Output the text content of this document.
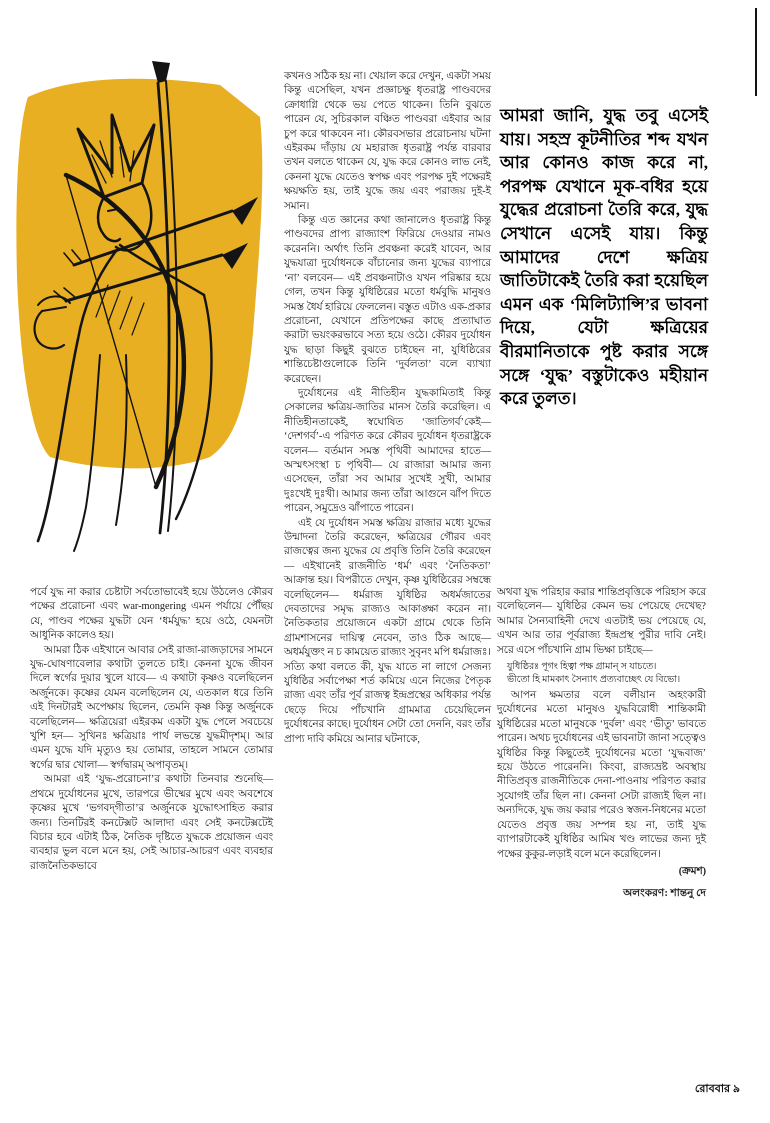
আমরা জানি, যুদ্ধ তবু এসেই যায়। সহস্র কূটনীতির শব্দ যখন আর কোনও কাজ করে না, পরপক্ষ যেখানে মূক-বধির হয়ে যুদ্ধের প্ররোচনা তৈরি করে, যুদ্ধ সেখানে এসেই যায়। কিন্তু আমাদের দেশে ক্ষত্রিয় জাতিটাকেই তৈরি করা হয়েছিল এমন এক ‘মিলিট্যান্সি’র ভাবনা দিয়ে, যেটা ক্ষত্রিয়ের বীরমানিতাকে পুষ্ট করার সঙ্গে সঙ্গে ‘যুদ্ধ’ বস্তুটাকেও মহীয়ান করে তুলত।

কখনও সঠিক হয় না। খেয়াল করে দেখুন, একটা সময় কিন্তু এসেছিল, যখন প্রজ্ঞাচক্ষু ধৃতরাষ্ট্র পাণ্ডবদের ক্রোধাগ্নি থেকে ভয় পেতে থাকেন। তিনি বুঝতে পারেন যে, সুচিরকাল বঞ্চিত পাণ্ডবরা এইবার আর চুপ করে থাকবেন না। কৌরবসভার প্ররোচনায় ঘটনা এইরকম দাঁড়ায় যে মহারাজ ধৃতরাষ্ট্র পর্যন্ত বারবার তখন বলতে থাকেন যে, যুদ্ধ করে কোনও লাভ নেই, কেননা যুদ্ধে যেতেও স্বপক্ষ এবং পরপক্ষ দুই পক্ষেরই ক্ষয়ক্ষতি হয়, তাই যুদ্ধে জয় এবং পরাজয় দুই-ই সমান।

কিন্তু এত জ্ঞানের কথা জানালেও ধৃতরাষ্ট্র কিন্তু পাণ্ডবদের প্রাপ্য রাজ্যাংশ ফিরিয়ে দেওয়ার নামও করেননি। অর্থাৎ তিনি প্রবঞ্চনা করেই যাবেন, আর যুদ্ধযাত্রা দুর্যোধনকে বাঁচানোর জন্য যুদ্ধের ব্যাপারে ‘না’ বলবেন— এই প্রবঞ্চনাটাও যখন পরিষ্কার হয়ে গেল, তখন কিন্তু যুধিষ্ঠিরের মতো ধর্মবুদ্ধি মানুষও সমস্ত ধৈর্য হারিয়ে ফেললেন। বস্তুত এটাও এক-প্রকার প্ররোচনা, যেখানে প্রতিপক্ষের কাছে প্রত্যাঘাত করাটা ভয়ংকরভাবে সত্য হয়ে ওঠে। কৌরব দুর্যোধন যুদ্ধ ছাড়া কিছুই বুঝতে চাইছেন না, যুধিষ্ঠিরের শান্তিচেষ্টাগুলোকে তিনি ‘দুর্বলতা’ বলে ব্যাখ্যা করেছেন।

দুর্যোধনের এই নীতিহীন যুদ্ধকামিতাই কিন্তু সেকালের ক্ষত্রিয়-জাতির মানস তৈরি করেছিল। এ নীতিহীনতাকেই, স্বঘোষিত ‘জাতিগর্ব’কেই— ‘দেশগর্ব’-এ পরিণত করে কৌরব দুর্যোধন ধৃতরাষ্ট্রকে বলেন— বর্তমান সমস্ত পৃথিবী আমাদের হাতে— অস্মৎসংস্থা চ পৃথিবী— যে রাজারা আমার জন্য এসেছেন, তাঁরা সব আমার সুখেই সুখী, আমার দুঃখেই দুঃখী। আমার জন্য তাঁরা আগুনে ঝাঁপ দিতে পারেন, সমুদ্রেও ঝাঁপাতে পারেন।

এই যে দুর্যোধন সমস্ত ক্ষত্রিয় রাজার মধ্যে যুদ্ধের উন্মাদনা তৈরি করেছেন, ক্ষত্রিয়ের গৌরব এবং রাজত্বের জন্য যুদ্ধের যে প্রবৃত্তি তিনি তৈরি করেছেন— এইখানেই রাজনীতি ‘ধর্ম’ এবং ‘নৈতিকতা’ আক্রান্ত হয়। বিপরীতে দেখুন, কৃষ্ণ যুধিষ্ঠিরের সম্বন্ধে বলেছিলেন— ধর্মরাজ যুধিষ্ঠির অধর্মজাতের দেবতাদের সমৃদ্ধ রাজ্যও আকাঙ্ক্ষা করেন না। নৈতিকতার প্রয়োজনে একটা গ্রামে থেকে তিনি গ্রামশাসনের দায়িত্ব নেবেন, তাও ঠিক আছে— অধর্মযুক্তং ন চ কাময়েত রাজ্যং সুবৃনং মপি ধর্মরাজঃ। সত্যি কথা বলতে কী, যুদ্ধ যাতে না লাগে সেজন্য যুধিষ্ঠির সর্বাপেক্ষা শর্ত কমিয়ে এনে নিজের পৈতৃক রাজ্য এবং তাঁর পূর্ব রাজত্ব ইন্দ্রপ্রস্থের অধিকার পর্যন্ত ছেড়ে দিয়ে পাঁচখানি গ্রামমাত্র চেয়েছিলেন দুর্যোধনের কাছে। দুর্যোধন সেটা তো দেননি, বরং তাঁর প্রাপ্য দাবি কমিয়ে আনার ঘটনাকে,

পর্বে যুদ্ধ না করার চেষ্টাটা সর্বতোভাবেই হয়ে উঠলেও কৌরব পক্ষের প্ররোচনা এবং war-mongering এমন পর্যায়ে পৌঁছয় যে, পাণ্ডব পক্ষের যুদ্ধটা যেন ‘ধর্মযুদ্ধ’ হয়ে ওঠে, যেমনটা আধুনিক কালেও হয়।

আমরা ঠিক এইখানে আবার সেই রাজা-রাজড়াদের সামনে যুদ্ধ-ঘোষণাবেলার কথাটা তুলতে চাই। কেননা যুদ্ধে জীবন দিলে স্বর্গের দুয়ার খুলে যাবে— এ কথাটা কৃষ্ণও বলেছিলেন অর্জুনকে। কৃষ্ণের যেমন বলেছিলেন যে, এতকাল ধরে তিনি এই দিনটারই অপেক্ষায় ছিলেন, তেমনি কৃষ্ণ কিন্তু অর্জুনকে বলেছিলেন— ক্ষত্রিয়েরা এইরকম একটা যুদ্ধ পেলে সবচেয়ে খুশি হন— সুখিনঃ ক্ষত্রিয়াঃ পার্থ লভন্তে যুদ্ধমীদৃশম্‌। আর এমন যুদ্ধে যদি মৃত্যুও হয় তোমার, তাহলে সামনে তোমার স্বর্গের দ্বার খোলা— স্বর্গদ্বারম্‌ অপাবৃতম্‌।

আমরা এই ‘যুদ্ধ-প্ররোচনা’র কথাটা তিনবার শুনেছি— প্রথমে দুর্যোধনের মুখে, তারপরে ভীষ্মের মুখে এবং অবশেষে কৃষ্ণের মুখে ‘ভগবদ্‌গীতা’র অর্জুনকে যুদ্ধোৎসাহিত করার জন্য। তিনটিরই কনটেক্সট আলাদা এবং সেই কনটেক্সটেই বিচার হবে এটাই ঠিক, নৈতিক দৃষ্টিতে যুদ্ধকে প্রয়োজন এবং ব্যবহার ভুল বলে মনে হয়, সেই আচার-আচরণ এবং ব্যবহার রাজনৈতিকভাবে

অথবা যুদ্ধ পরিহার করার শান্তিপ্রবৃত্তিকে পরিহাস করে বলেছিলেন— যুধিষ্ঠির কেমন ভয় পেয়েছে দেখেছ? আমার সৈন্যবাহিনী দেখে এতটাই ভয় পেয়েছে যে, এখন আর তার পূর্বরাজ্য ইন্দ্রপ্রস্থ পুরীর দাবি নেই। সরে এসে পাঁচখানি গ্রাম ভিক্ষা চাইছে—

যুধিষ্ঠিরঃ পূগং হিত্বা পক্ষ গ্রামান্‌ স যাচতে।
ভীতো হি মামকাৎ সৈন্যাৎ প্রত্যবাচ্ছেৎ যে বিভো।

আপন ক্ষমতার বলে বলীয়ান অহংকারী দুর্যোধনের মতো মানুষও যুদ্ধবিরোধী শান্তিকামী যুধিষ্ঠিরের মতো মানুষকে ‘দুর্বল’ এবং ‘ভীতু’ ভাবতে পারেন। অথচ দুর্যোধনের এই ভাবনাটা জানা সত্ত্বেও যুধিষ্ঠির কিন্তু কিছুতেই দুর্যোধনের মতো ‘যুদ্ধবাজ’ হয়ে উঠতে পারেননি। কিংবা, রাজ্যভ্রষ্ট অবস্থায় নীতিপ্রবৃত্ত রাজনীতিকে দেনা-পাওনায় পরিণত করার সুযোগই তাঁর ছিল না। কেননা সেটা রাজ্যই ছিল না। অন্যদিকে, যুদ্ধ জয় করার পরেও স্বজন-নিধনের মতো যেতেও প্রবৃত্ত জয় সম্পন্ন হয় না, তাই যুদ্ধ ব্যাপারটাকেই যুধিষ্ঠির আমিষ খণ্ড লাভের জন্য দুই পক্ষের কুকুর-লড়াই বলে মনে করেছিলেন।

(ক্রমশ)
অলংকরণ: শান্তনু দে
রোববার ৯
